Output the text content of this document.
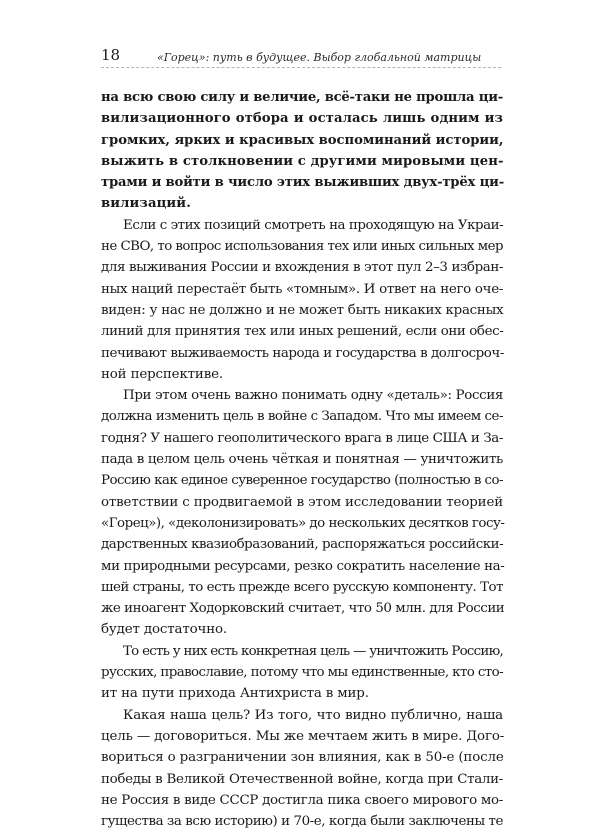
18	«Горец»: путь в будущее. Выбор глобальной матрицы
на всю свою силу и величие, всё-таки не прошла ци-
вилизационного отбора и осталась лишь одним из
громких, ярких и красивых воспоминаний истории,
выжить в столкновении с другими мировыми цен-
трами и войти в число этих выживших двух-трёх ци-
вилизаций.
Если с этих позиций смотреть на проходящую на Украи-
не СВО, то вопрос использования тех или иных сильных мер
для выживания России и вхождения в этот пул 2–3 избран-
ных наций перестаёт быть «томным». И ответ на него оче-
виден: у нас не должно и не может быть никаких красных
линий для принятия тех или иных решений, если они обес-
печивают выживаемость народа и государства в долгосроч-
ной перспективе.
При этом очень важно понимать одну «деталь»: Россия
должна изменить цель в войне с Западом. Что мы имеем се-
годня? У нашего геополитического врага в лице США и За-
пада в целом цель очень чёткая и понятная — уничтожить
Россию как единое суверенное государство (полностью в со-
ответствии с продвигаемой в этом исследовании теорией
«Горец»), «деколонизировать» до нескольких десятков госу-
дарственных квазиобразований, распоряжаться российски-
ми природными ресурсами, резко сократить население на-
шей страны, то есть прежде всего русскую компоненту. Тот
же иноагент Ходорковский считает, что 50 млн. для России
будет достаточно.
То есть у них есть конкретная цель — уничтожить Россию,
русских, православие, потому что мы единственные, кто сто-
ит на пути прихода Антихриста в мир.
Какая наша цель? Из того, что видно публично, наша
цель — договориться. Мы же мечтаем жить в мире. Дого-
вориться о разграничении зон влияния, как в 50-е (после
победы в Великой Отечественной войне, когда при Стали-
не Россия в виде СССР достигла пика своего мирового мо-
гущества за всю историю) и 70-е, когда были заключены те
